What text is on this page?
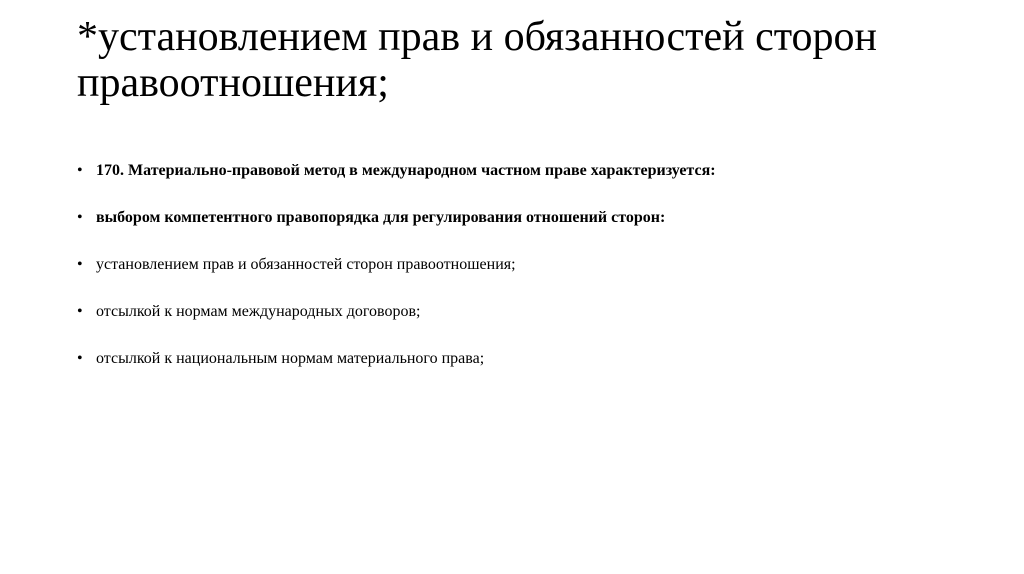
*установлением прав и обязанностей сторон правоотношения;
• 170. Материально-правовой метод в международном частном праве характеризуется:
• выбором компетентного правопорядка для регулирования отношений сторон:
• установлением прав и обязанностей сторон правоотношения;
• отсылкой к нормам международных договоров;
• отсылкой к национальным нормам материального права;
